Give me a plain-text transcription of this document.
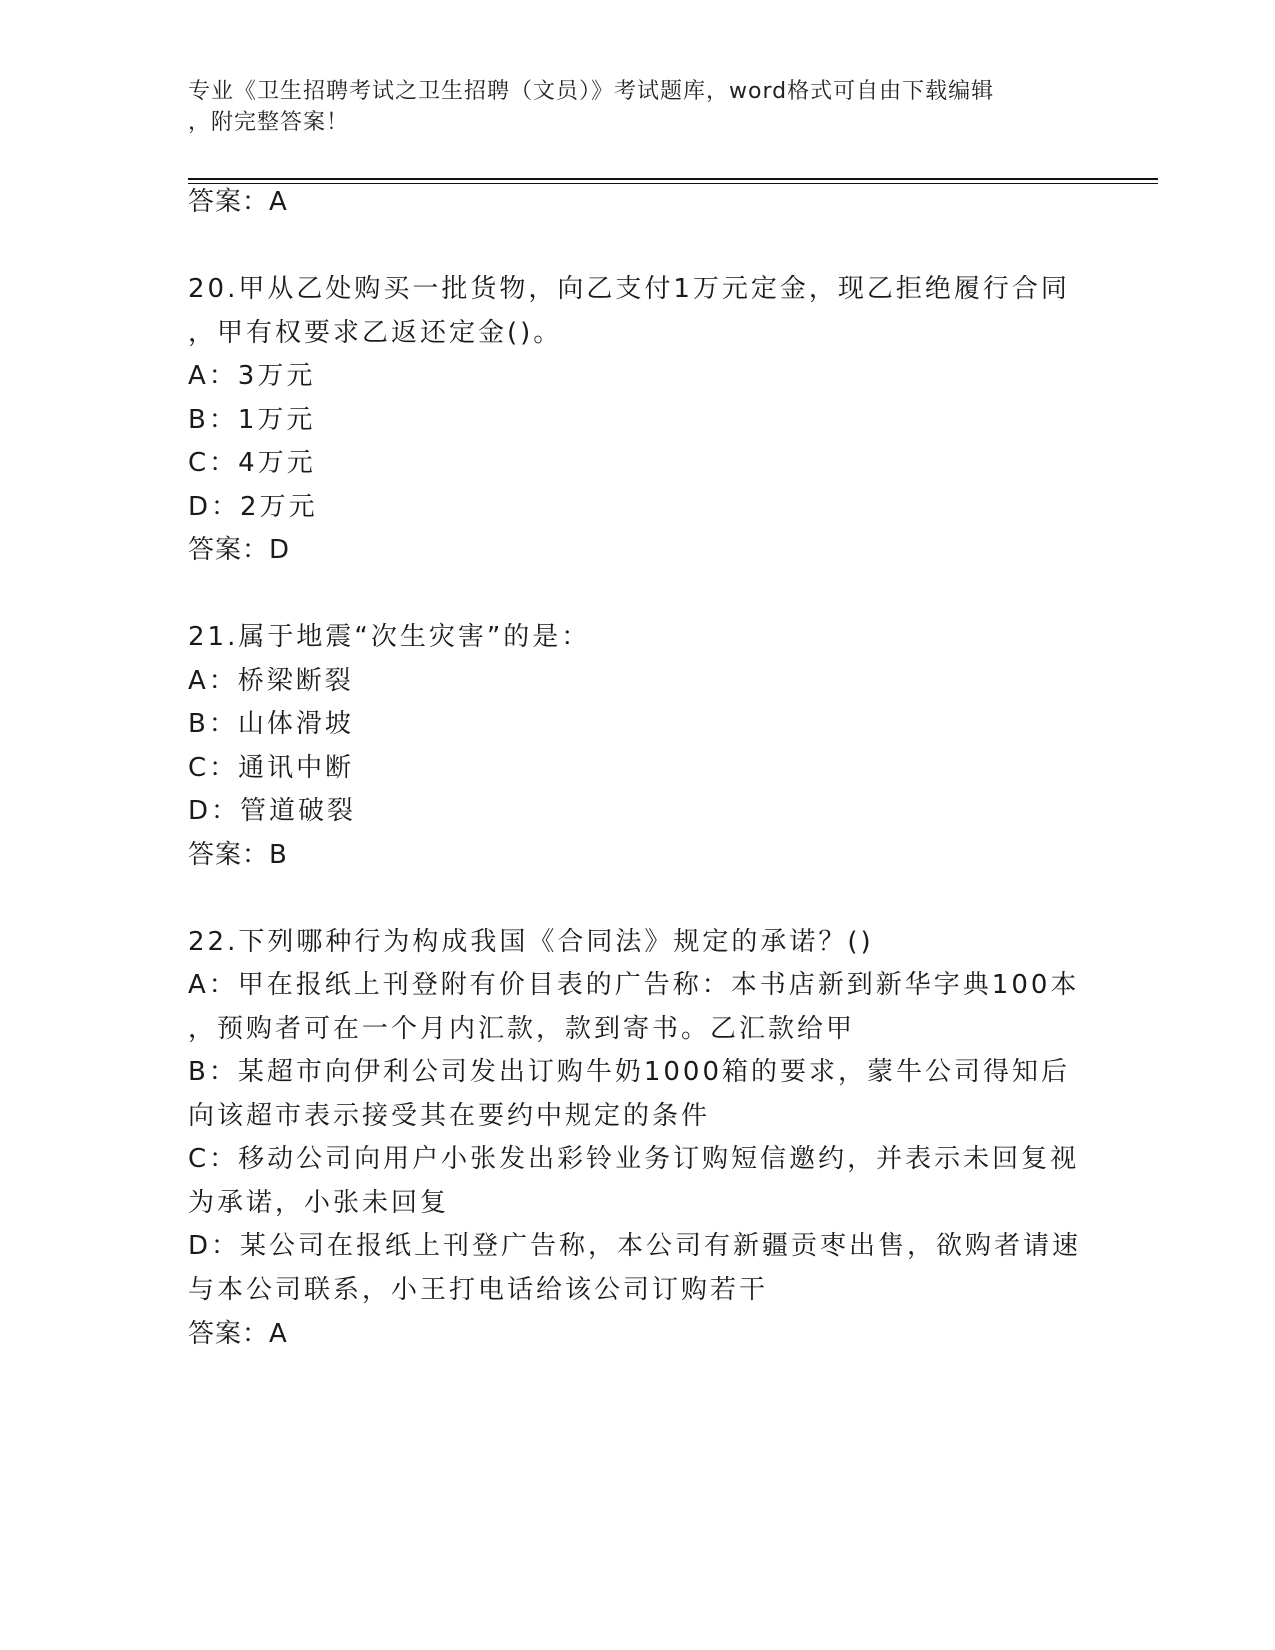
专业《卫生招聘考试之卫生招聘（文员）》考试题库，word格式可自由下载编辑
，附完整答案！
答案：A
20.甲从乙处购买一批货物，向乙支付1万元定金，现乙拒绝履行合同
，甲有权要求乙返还定金()。
A：3万元
B：1万元
C：4万元
D：2万元
答案：D
21.属于地震“次生灾害”的是：
A：桥梁断裂
B：山体滑坡
C：通讯中断
D：管道破裂
答案：B
22.下列哪种行为构成我国《合同法》规定的承诺？()
A：甲在报纸上刊登附有价目表的广告称：本书店新到新华字典100本
，预购者可在一个月内汇款，款到寄书。乙汇款给甲
B：某超市向伊利公司发出订购牛奶1000箱的要求，蒙牛公司得知后
向该超市表示接受其在要约中规定的条件
C：移动公司向用户小张发出彩铃业务订购短信邀约，并表示未回复视
为承诺，小张未回复
D：某公司在报纸上刊登广告称，本公司有新疆贡枣出售，欲购者请速
与本公司联系，小王打电话给该公司订购若干
答案：A
